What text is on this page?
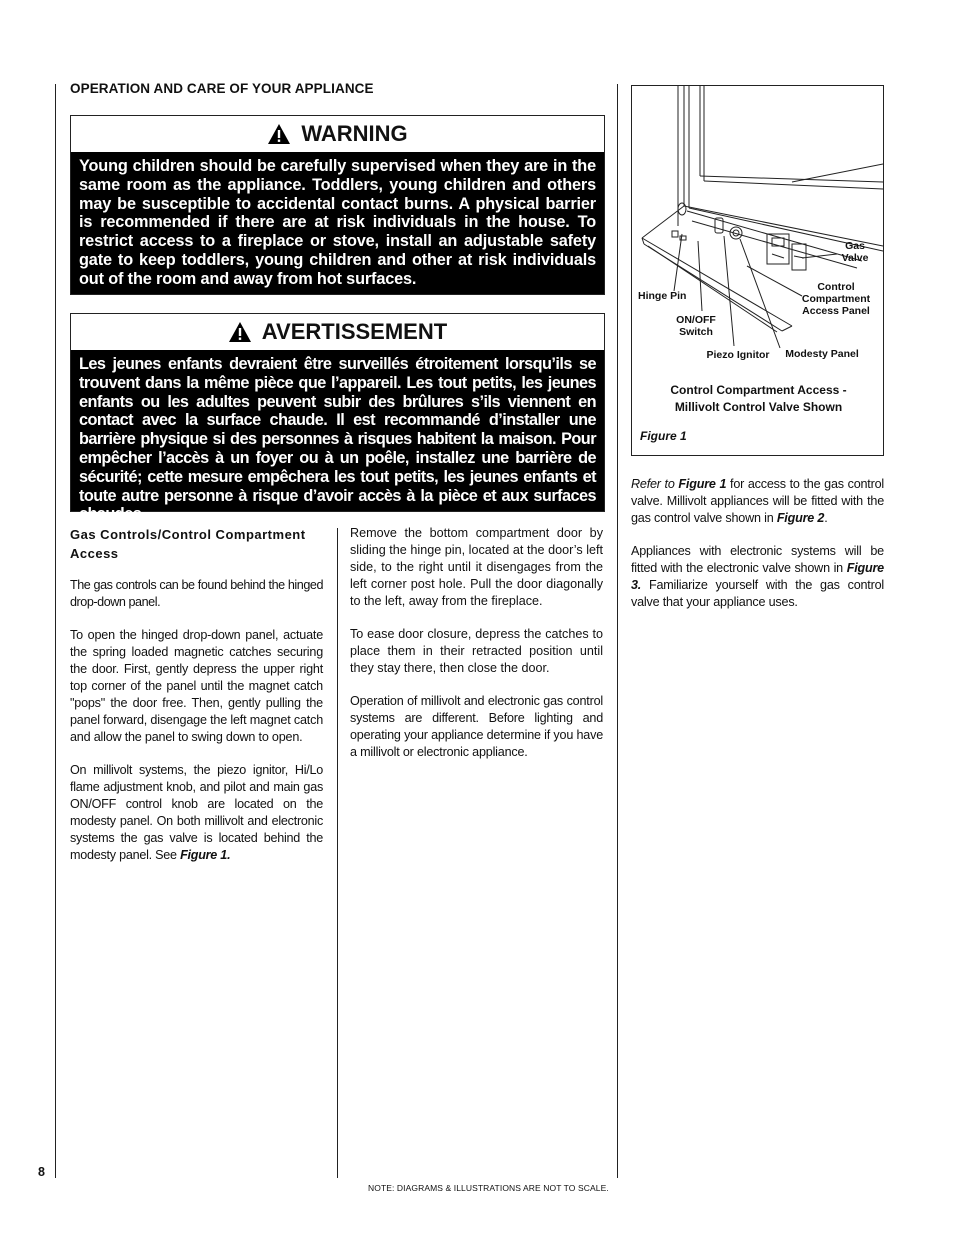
OPERATION AND CARE OF YOUR APPLIANCE
WARNING
Young children should be carefully supervised when they are in the same room as the appliance. Toddlers, young children and others may be susceptible to accidental contact burns. A physical barrier is recommended if there are at risk individuals in the house. To restrict access to a fireplace or stove, install an adjustable safety gate to keep toddlers, young children and other at risk individuals out of the room and away from hot surfaces.
AVERTISSEMENT
Les jeunes enfants devraient être surveillés étroitement lorsqu’ils se trouvent dans la même pièce que l’appareil. Les tout petits, les jeunes enfants ou les adultes peuvent subir des brûlures s’ils viennent en contact avec la surface chaude. Il est recommandé d’installer une barrière physique si des personnes à risques habitent la maison. Pour empêcher l’accès à un foyer ou à un poêle, installez une barrière de sécurité; cette mesure empêchera les tout petits, les jeunes enfants et toute autre personne à risque d’avoir accès à la pièce et aux surfaces chaudes.

Gas Controls/Control Compartment Access

The gas controls can be found behind the hinged drop-down panel.

To open the hinged drop-down panel, actuate the spring loaded magnetic catches securing the door. First, gently depress the upper right top corner of the panel until the magnet catch "pops" the door free. Then, gently pulling the panel forward, disengage the left magnet catch and allow the panel to swing down to open.

On millivolt systems, the piezo ignitor, Hi/Lo flame adjustment knob, and pilot and main gas ON/OFF control knob are located on the modesty panel. On both millivolt and electronic systems the gas valve is located behind the modesty panel. See Figure 1.

Remove the bottom compartment door by sliding the hinge pin, located at the door’s left side, to the right until it disengages from the left corner post hole. Pull the door diagonally to the left, away from the fireplace.

To ease door closure, depress the catches to place them in their retracted position until they stay there, then close the door.

Operation of millivolt and electronic gas control systems are different. Before lighting and operating your appliance determine if you have a millivolt or electronic appliance.

Gas Valve
Control Compartment Access Panel
Hinge Pin
ON/OFF Switch
Piezo Ignitor	Modesty Panel
Control Compartment Access - Millivolt Control Valve Shown
Figure 1

Refer to Figure 1 for access to the gas control valve. Millivolt appliances will be fitted with the gas control valve shown in Figure 2.

Appliances with electronic systems will be fitted with the electronic valve shown in Figure 3. Familiarize yourself with the gas control valve that your appliance uses.

8
NOTE: DIAGRAMS & ILLUSTRATIONS ARE NOT TO SCALE.
